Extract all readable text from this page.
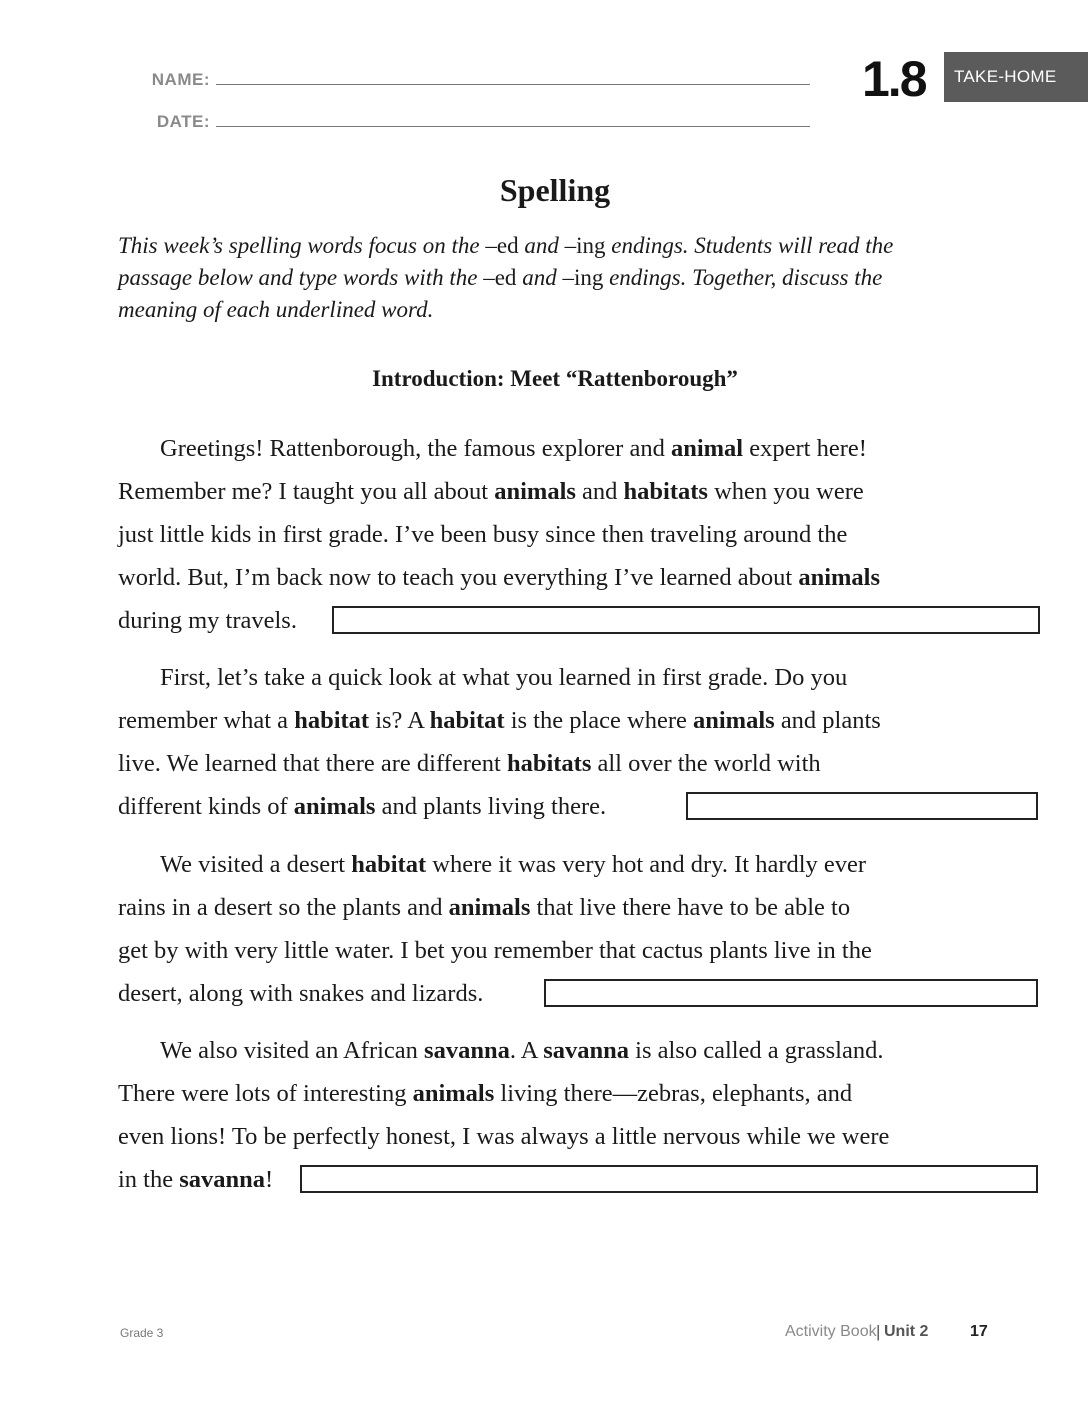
NAME:
DATE:
1.8	TAKE-HOME
Spelling
This week’s spelling words focus on the –ed and –ing endings. Students will read the
passage below and type words with the –ed and –ing endings. Together, discuss the
meaning of each underlined word.
Introduction: Meet “Rattenborough”
Greetings! Rattenborough, the famous explorer and animal expert here!
Remember me? I taught you all about animals and habitats when you were
just little kids in first grade. I’ve been busy since then traveling around the
world. But, I’m back now to teach you everything I’ve learned about animals
during my travels.
First, let’s take a quick look at what you learned in first grade. Do you
remember what a habitat is? A habitat is the place where animals and plants
live. We learned that there are different habitats all over the world with
different kinds of animals and plants living there.
We visited a desert habitat where it was very hot and dry. It hardly ever
rains in a desert so the plants and animals that live there have to be able to
get by with very little water. I bet you remember that cactus plants live in the
desert, along with snakes and lizards.
We also visited an African savanna. A savanna is also called a grassland.
There were lots of interesting animals living there—zebras, elephants, and
even lions! To be perfectly honest, I was always a little nervous while we were
in the savanna!
Grade 3	Activity Book | Unit 2	17
